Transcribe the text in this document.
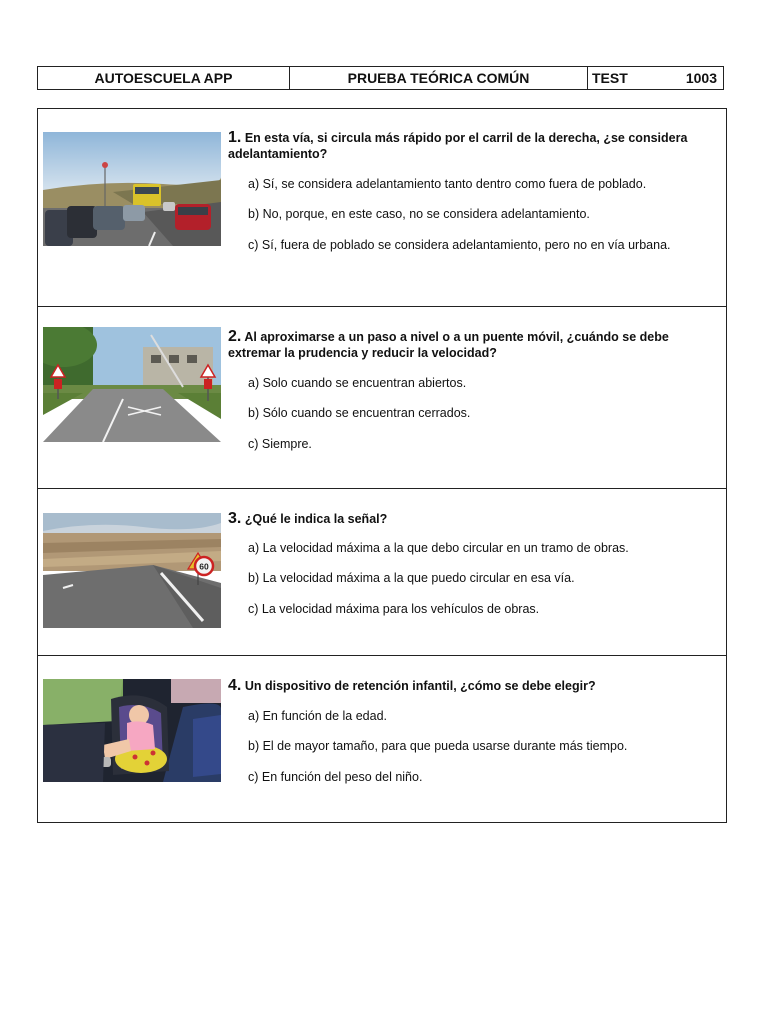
AUTOESCUELA APP	PRUEBA TEÓRICA COMÚN	TEST	1003

1. En esta vía, si circula más rápido por el carril de la derecha, ¿se considera adelantamiento?

a) Sí, se considera adelantamiento tanto dentro como fuera de poblado.

b) No, porque, en este caso, no se considera adelantamiento.

c) Sí, fuera de poblado se considera adelantamiento, pero no en vía urbana.

2. Al aproximarse a un paso a nivel o a un puente móvil, ¿cuándo se debe extremar la prudencia y reducir la velocidad?

a) Solo cuando se encuentran abiertos.

b) Sólo cuando se encuentran cerrados.

c) Siempre.

60

3. ¿Qué le indica la señal?

a) La velocidad máxima a la que debo circular en un tramo de obras.

b) La velocidad máxima a la que puedo circular en esa vía.

c) La velocidad máxima para los vehículos de obras.

4. Un dispositivo de retención infantil, ¿cómo se debe elegir?

a) En función de la edad.

b) El de mayor tamaño, para que pueda usarse durante más tiempo.

c) En función del peso del niño.
